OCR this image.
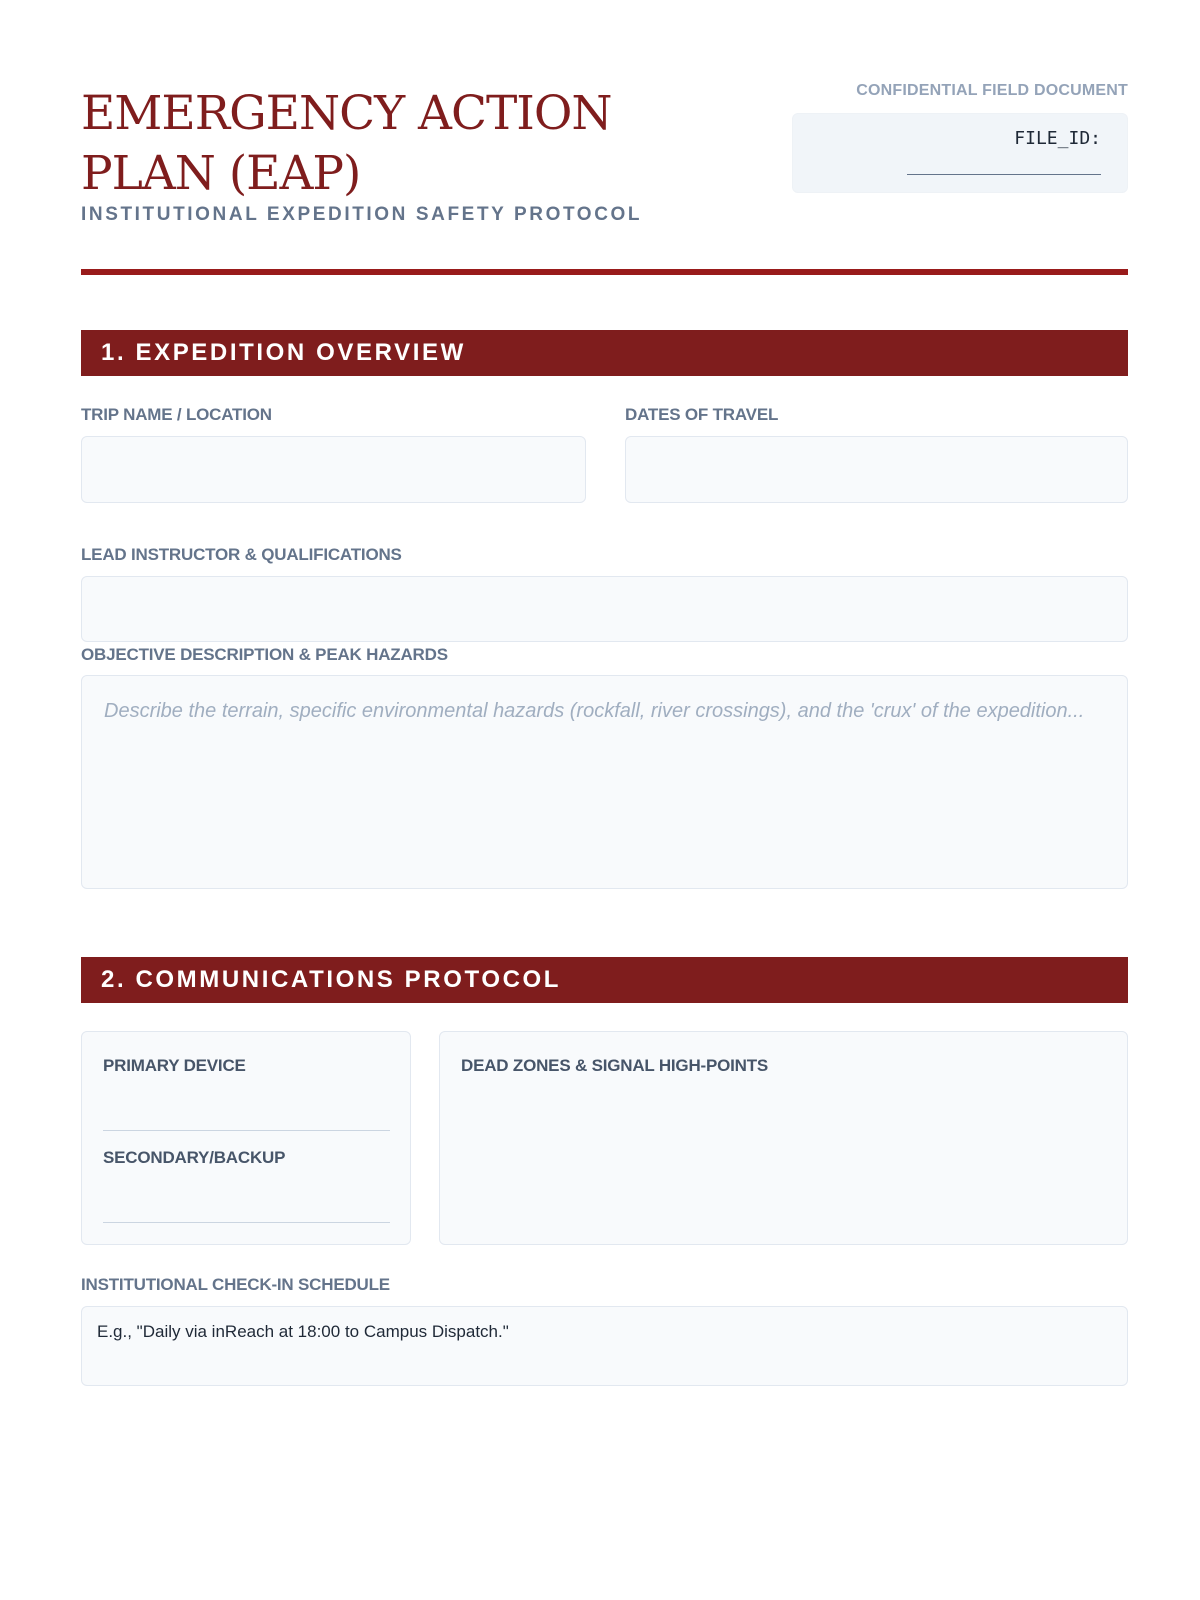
EMERGENCY ACTION PLAN (EAP)
INSTITUTIONAL EXPEDITION SAFETY PROTOCOL
CONFIDENTIAL FIELD DOCUMENT
FILE_ID:
1. EXPEDITION OVERVIEW
TRIP NAME / LOCATION	DATES OF TRAVEL
LEAD INSTRUCTOR & QUALIFICATIONS
OBJECTIVE DESCRIPTION & PEAK HAZARDS
Describe the terrain, specific environmental hazards (rockfall, river crossings), and the 'crux' of the expedition...
2. COMMUNICATIONS PROTOCOL
PRIMARY DEVICE
SECONDARY/BACKUP
DEAD ZONES & SIGNAL HIGH-POINTS
INSTITUTIONAL CHECK-IN SCHEDULE
E.g., "Daily via inReach at 18:00 to Campus Dispatch."
